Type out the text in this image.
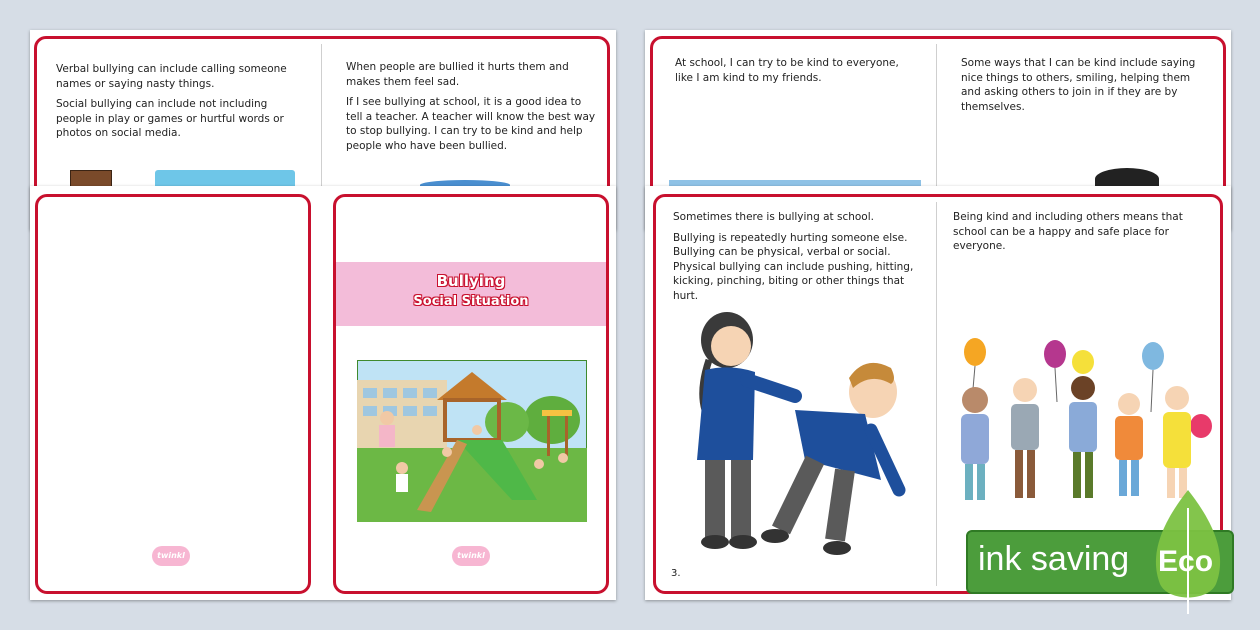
Verbal bullying can include calling someone names or saying nasty things.

Social bullying can include not including people in play or games or hurtful words or photos on social media.

When people are bullied it hurts them and makes them feel sad.

If I see bullying at school, it is a good idea to tell a teacher. A teacher will know the best way to stop bullying. I can try to be kind and help people who have been bullied.

At school, I can try to be kind to everyone, like I am kind to my friends.

Some ways that I can be kind include saying nice things to others, smiling, helping them and asking others to join in if they are by themselves.

Bullying
Social Situation
twinkl	twinkl

Sometimes there is bullying at school.

Bullying is repeatedly hurting someone else. Bullying can be physical, verbal or social. Physical bullying can include pushing, hitting, kicking, pinching, biting or other things that hurt.

Being kind and including others means that school can be a happy and safe place for everyone.

3.	ink saving Eco
